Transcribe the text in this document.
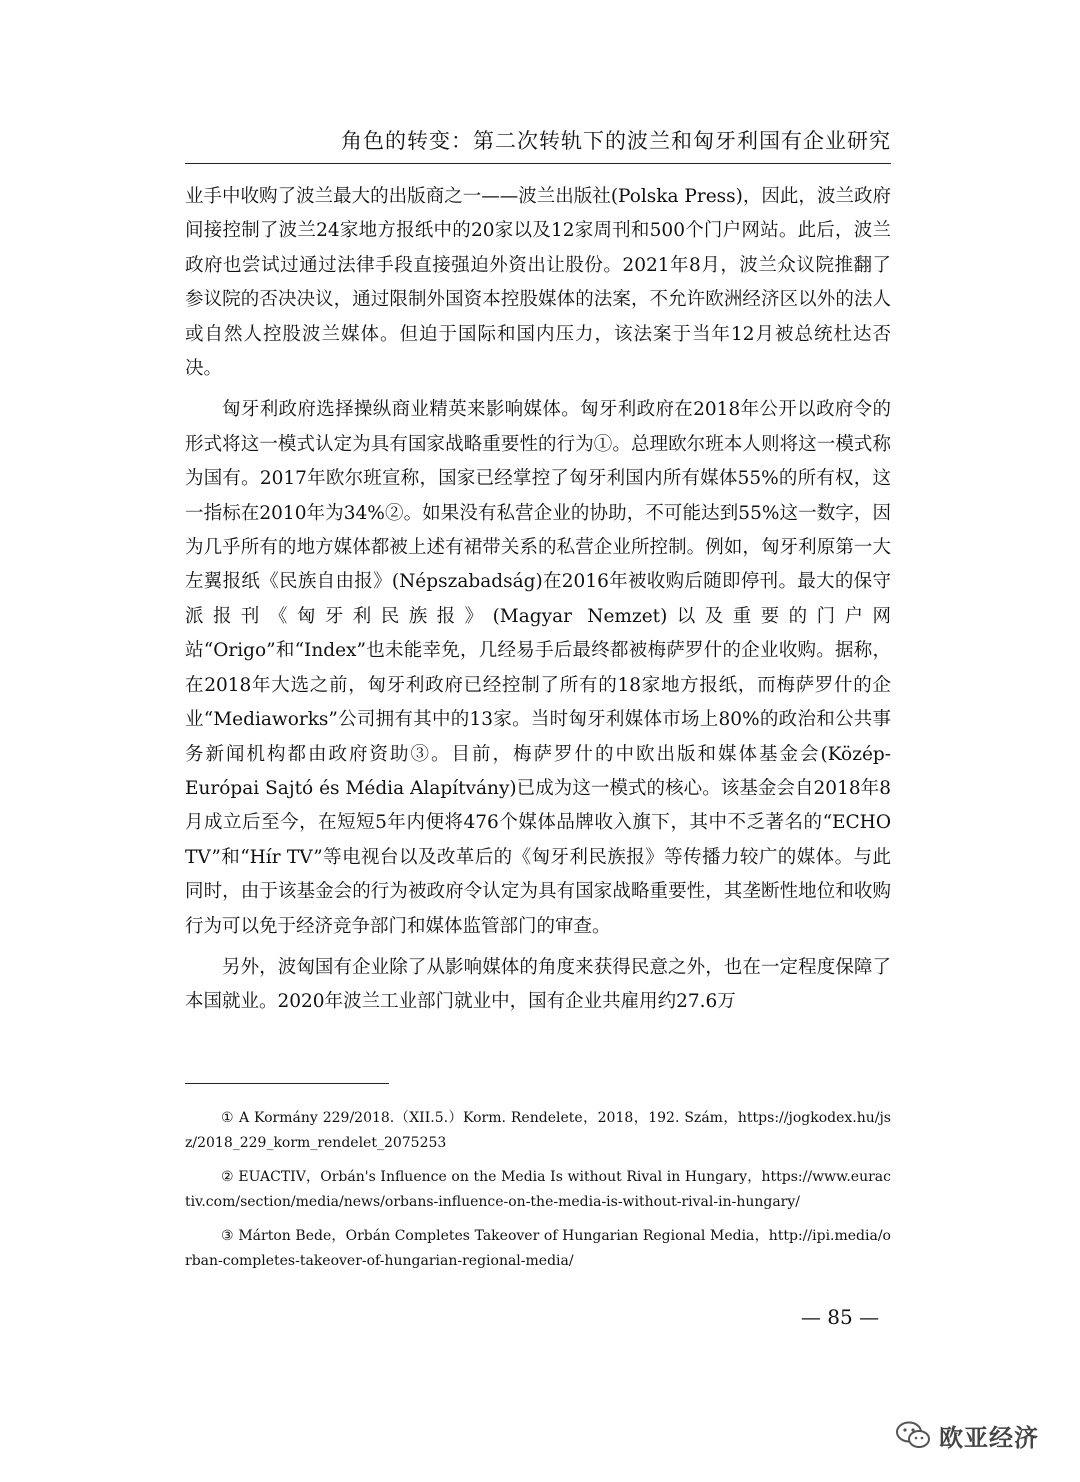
角色的转变：第二次转轨下的波兰和匈牙利国有企业研究

业手中收购了波兰最大的出版商之一——波兰出版社(Polska Press)，因此，波兰政府间接控制了波兰24家地方报纸中的20家以及12家周刊和500个门户网站。此后，波兰政府也尝试过通过法律手段直接强迫外资出让股份。2021年8月，波兰众议院推翻了参议院的否决决议，通过限制外国资本控股媒体的法案，不允许欧洲经济区以外的法人或自然人控股波兰媒体。但迫于国际和国内压力，该法案于当年12月被总统杜达否决。

匈牙利政府选择操纵商业精英来影响媒体。匈牙利政府在2018年公开以政府令的形式将这一模式认定为具有国家战略重要性的行为①。总理欧尔班本人则将这一模式称为国有。2017年欧尔班宣称，国家已经掌控了匈牙利国内所有媒体55%的所有权，这一指标在2010年为34%②。如果没有私营企业的协助，不可能达到55%这一数字，因为几乎所有的地方媒体都被上述有裙带关系的私营企业所控制。例如，匈牙利原第一大左翼报纸《民族自由报》(Népszabadság)在2016年被收购后随即停刊。最大的保守派报刊《匈牙利民族报》(Magyar Nemzet)以及重要的门户网站“Origo”和“Index”也未能幸免，几经易手后最终都被梅萨罗什的企业收购。据称，在2018年大选之前，匈牙利政府已经控制了所有的18家地方报纸，而梅萨罗什的企业“Mediaworks”公司拥有其中的13家。当时匈牙利媒体市场上80%的政治和公共事务新闻机构都由政府资助③。目前，梅萨罗什的中欧出版和媒体基金会(Közép-Európai Sajtó és Média Alapítvány)已成为这一模式的核心。该基金会自2018年8月成立后至今，在短短5年内便将476个媒体品牌收入旗下，其中不乏著名的“ECHO TV”和“Hír TV”等电视台以及改革后的《匈牙利民族报》等传播力较广的媒体。与此同时，由于该基金会的行为被政府令认定为具有国家战略重要性，其垄断性地位和收购行为可以免于经济竞争部门和媒体监管部门的审查。

另外，波匈国有企业除了从影响媒体的角度来获得民意之外，也在一定程度保障了本国就业。2020年波兰工业部门就业中，国有企业共雇用约27.6万

① A Kormány 229/2018.（XII.5.）Korm. Rendelete，2018，192. Szám，https://jogkodex.hu/jsz/2018_229_korm_rendelet_2075253

② EUACTIV，Orbán's Influence on the Media Is without Rival in Hungary，https://www.euractiv.com/section/media/news/orbans-influence-on-the-media-is-without-rival-in-hungary/

③ Márton Bede，Orbán Completes Takeover of Hungarian Regional Media，http://ipi.media/orban-completes-takeover-of-hungarian-regional-media/

— 85 —
欧亚经济
